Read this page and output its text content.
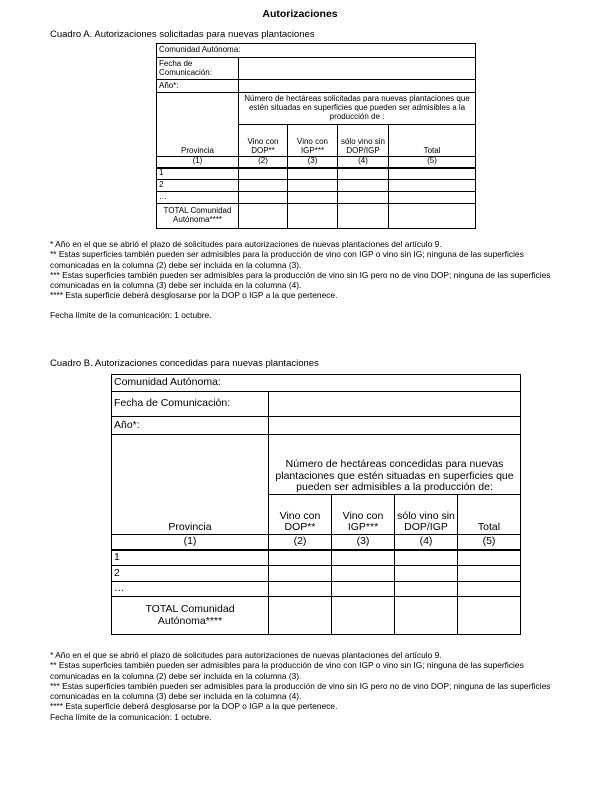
Autorizaciones
Cuadro A. Autorizaciones solicitadas para nuevas plantaciones
Comunidad Autónoma:				
Fecha de Comunicación:				
Año*:				
Provincia	Número de hectáreas solicitadas para nuevas plantaciones que estén situadas en superficies que pueden ser admisibles a la producción de :			
	Vino con DOP**	Vino con IGP***	sólo vino sin DOP/IGP	Total
(1)	(2)	(3)	(4)	(5)
1				
2				
…				
TOTAL Comunidad Autónoma****				

* Año en el que se abrió el plazo de solicitudes para autorizaciones de nuevas plantaciones del artículo 9.

** Estas superficies también pueden ser admisibles para la producción de vino con IGP o vino sin IG; ninguna de las superficies comunicadas en la columna (2) debe ser incluida en la columna (3).

*** Estas superficies también pueden ser admisibles para la producción de vino sin IG pero no de vino DOP; ninguna de las superficies comunicadas en la columna (3) debe ser incluida en la columna (4).

**** Esta superficie deberá desglosarse por la DOP o IGP a la que pertenece.

Fecha límite de la comunicación: 1 octubre.

Cuadro B. Autorizaciones concedidas para nuevas plantaciones
Comunidad Autónoma:				
Fecha de Comunicación:				
Año*:				
Provincia	Número de hectáreas concedidas para nuevas plantaciones que estén situadas en superficies que pueden ser admisibles a la producción de:			
	Vino con DOP**	Vino con IGP***	sólo vino sin DOP/IGP	Total
(1)	(2)	(3)	(4)	(5)
1				
2				
…				
TOTAL Comunidad Autónoma****				

* Año en el que se abrió el plazo de solicitudes para autorizaciones de nuevas plantaciones del artículo 9.

** Estas superficies también pueden ser admisibles para la producción de vino con IGP o vino sin IG; ninguna de las superficies comunicadas en la columna (2) debe ser incluida en la columna (3).

*** Estas superficies también pueden ser admisibles para la producción de vino sin IG pero no de vino DOP; ninguna de las superficies comunicadas en la columna (3) debe ser incluida en la columna (4).

**** Esta superficie deberá desglosarse por la DOP o IGP a la que pertenece.

Fecha límite de la comunicación: 1 octubre.
